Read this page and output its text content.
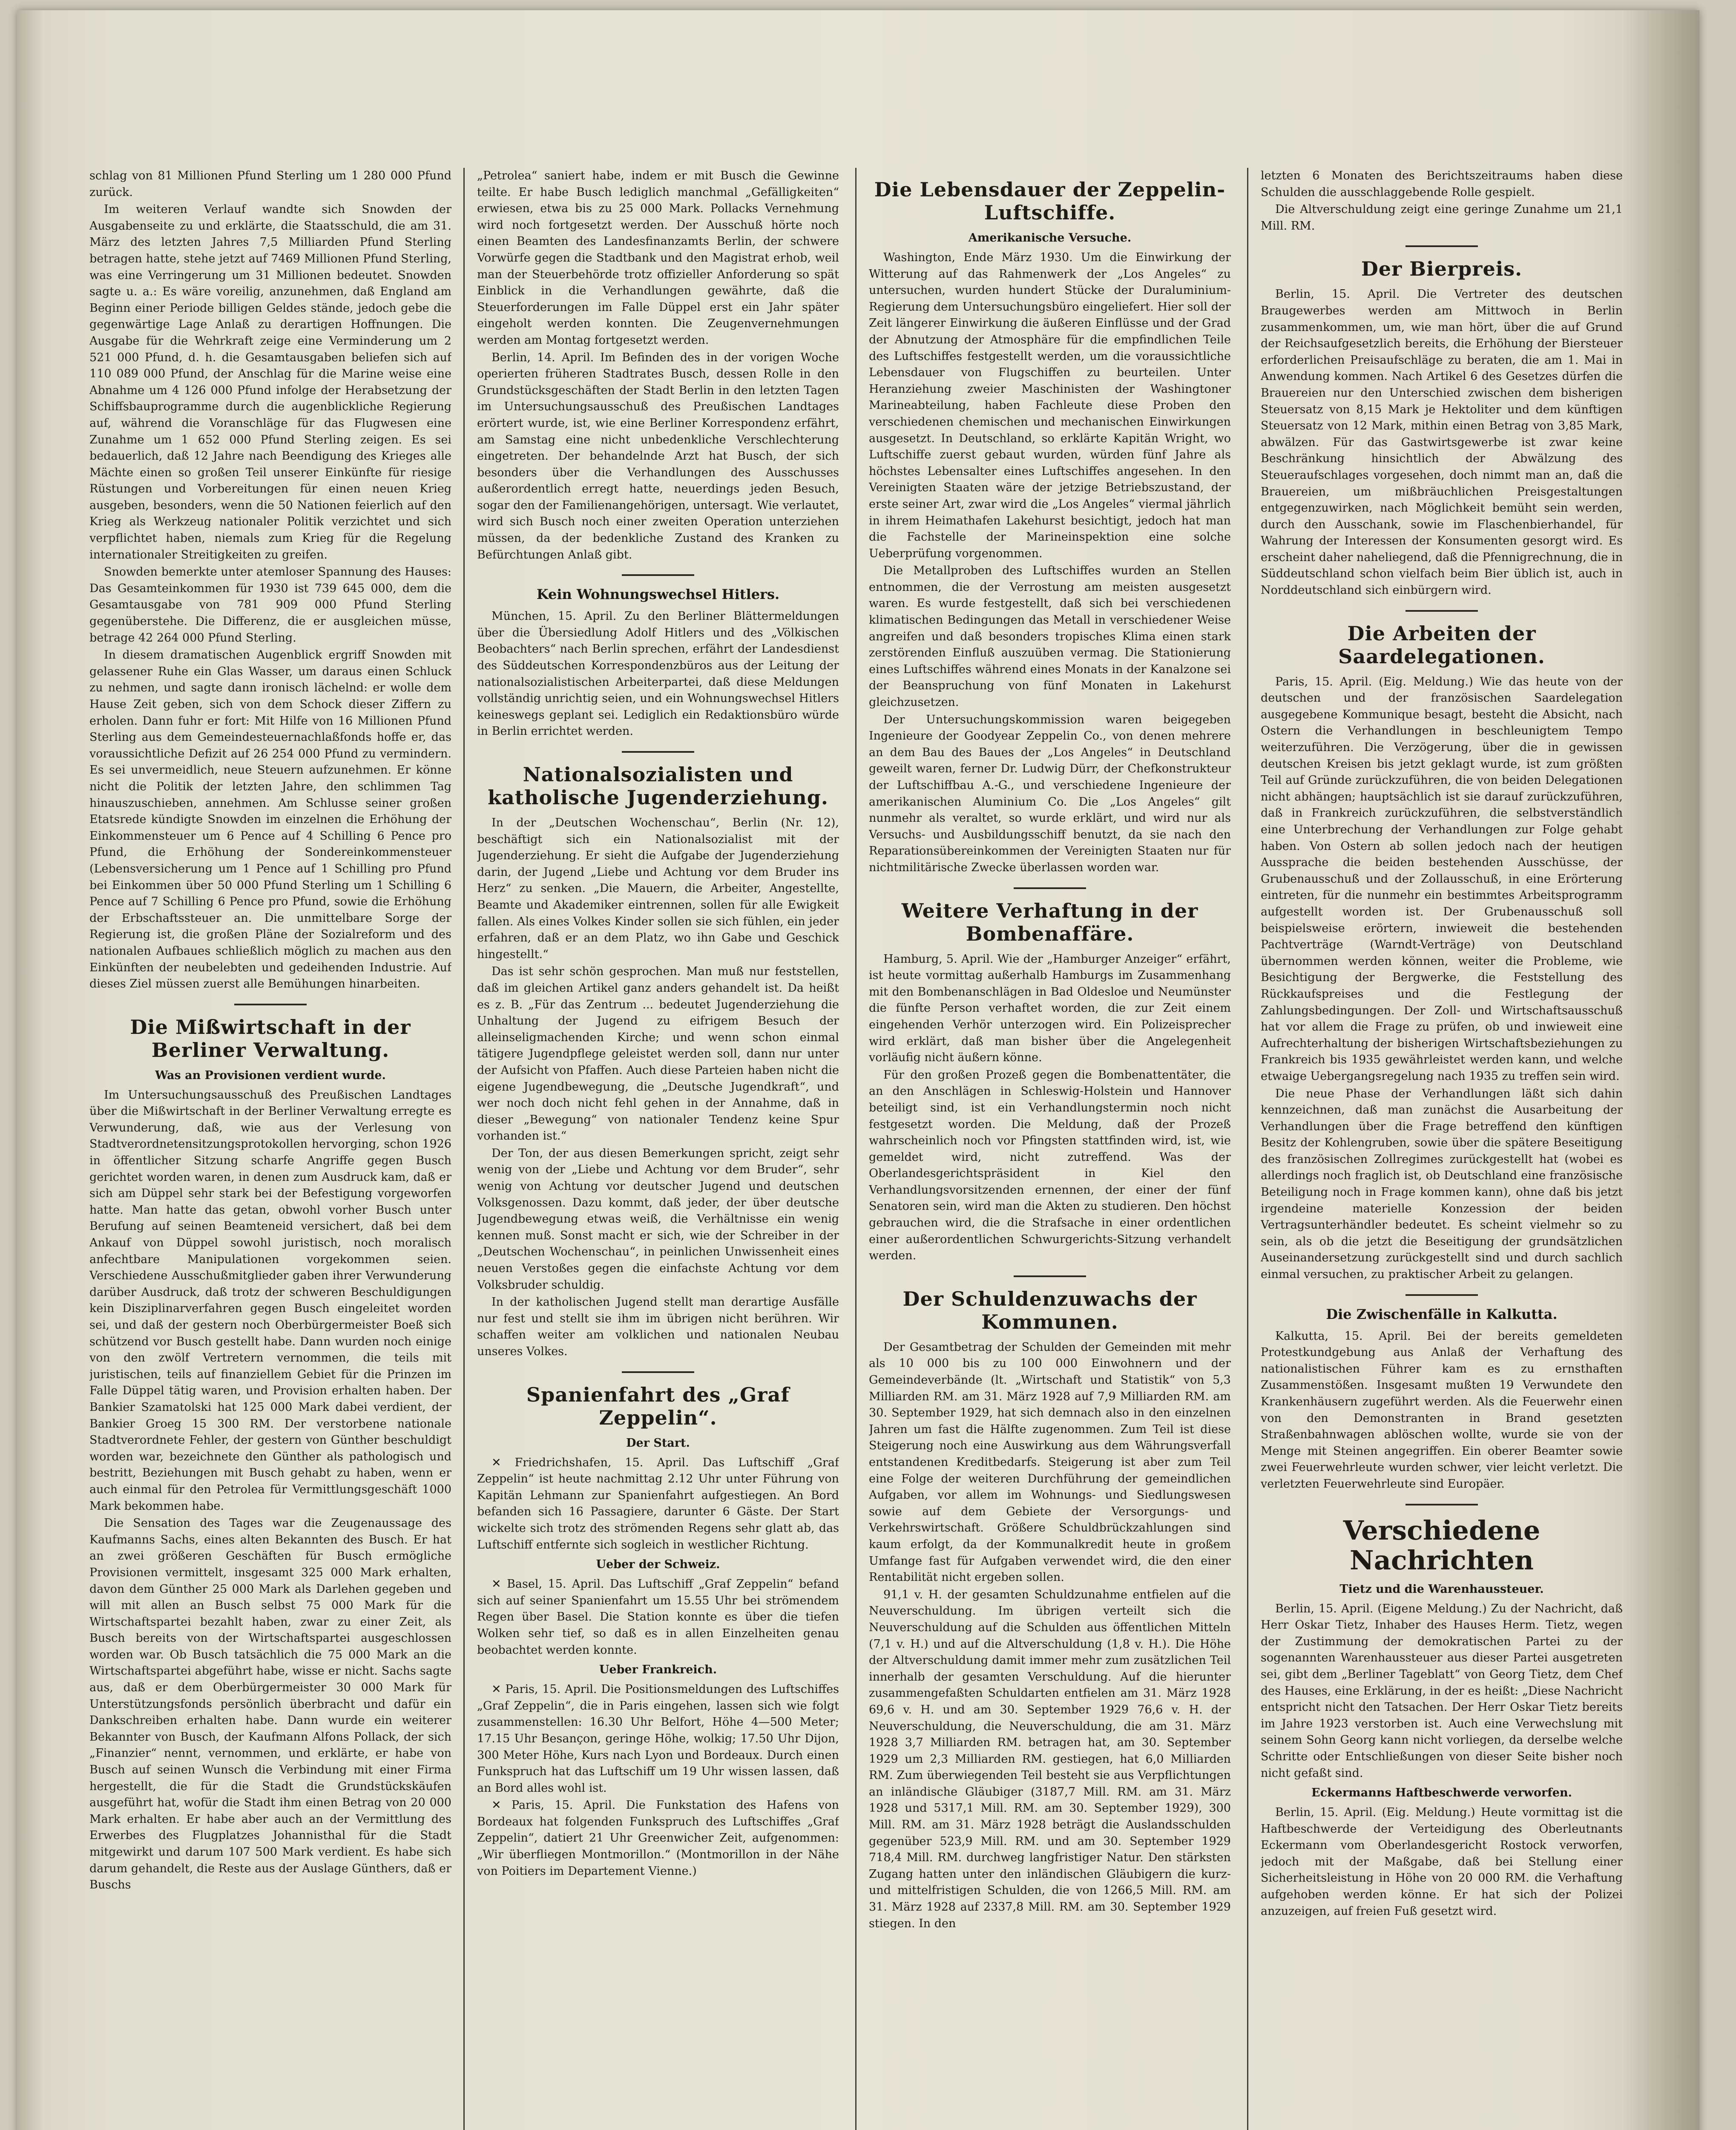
schlag von 81 Millionen Pfund Sterling um 1 280 000 Pfund zurück.

Im weiteren Verlauf wandte sich Snowden der Ausgabenseite zu und erklärte, die Staatsschuld, die am 31. März des letzten Jahres 7,5 Milliarden Pfund Sterling betragen hatte, stehe jetzt auf 7469 Millionen Pfund Sterling, was eine Verringerung um 31 Millionen bedeutet. Snowden sagte u. a.: Es wäre voreilig, anzunehmen, daß England am Beginn einer Periode billigen Geldes stände, jedoch gebe die gegenwärtige Lage Anlaß zu derartigen Hoffnungen. Die Ausgabe für die Wehrkraft zeige eine Verminderung um 2 521 000 Pfund, d. h. die Gesamtausgaben beliefen sich auf 110 089 000 Pfund, der Anschlag für die Marine weise eine Abnahme um 4 126 000 Pfund infolge der Herabsetzung der Schiffsbauprogramme durch die augenblickliche Regierung auf, während die Voranschläge für das Flugwesen eine Zunahme um 1 652 000 Pfund Sterling zeigen. Es sei bedauerlich, daß 12 Jahre nach Beendigung des Krieges alle Mächte einen so großen Teil unserer Einkünfte für riesige Rüstungen und Vorbereitungen für einen neuen Krieg ausgeben, besonders, wenn die 50 Nationen feierlich auf den Krieg als Werkzeug nationaler Politik verzichtet und sich verpflichtet haben, niemals zum Krieg für die Regelung internationaler Streitigkeiten zu greifen.

Snowden bemerkte unter atemloser Spannung des Hauses: Das Gesamteinkommen für 1930 ist 739 645 000, dem die Gesamtausgabe von 781 909 000 Pfund Sterling gegenüberstehe. Die Differenz, die er ausgleichen müsse, betrage 42 264 000 Pfund Sterling.

In diesem dramatischen Augenblick ergriff Snowden mit gelassener Ruhe ein Glas Wasser, um daraus einen Schluck zu nehmen, und sagte dann ironisch lächelnd: er wolle dem Hause Zeit geben, sich von dem Schock dieser Ziffern zu erholen. Dann fuhr er fort: Mit Hilfe von 16 Millionen Pfund Sterling aus dem Gemeindesteuernachlaßfonds hoffe er, das voraussichtliche Defizit auf 26 254 000 Pfund zu vermindern. Es sei unvermeidlich, neue Steuern aufzunehmen. Er könne nicht die Politik der letzten Jahre, den schlimmen Tag hinauszuschieben, annehmen. Am Schlusse seiner großen Etatsrede kündigte Snowden im einzelnen die Erhöhung der Einkommensteuer um 6 Pence auf 4 Schilling 6 Pence pro Pfund, die Erhöhung der Sondereinkommensteuer (Lebensversicherung um 1 Pence auf 1 Schilling pro Pfund bei Einkommen über 50 000 Pfund Sterling um 1 Schilling 6 Pence auf 7 Schilling 6 Pence pro Pfund, sowie die Erhöhung der Erbschaftssteuer an. Die unmittelbare Sorge der Regierung ist, die großen Pläne der Sozialreform und des nationalen Aufbaues schließlich möglich zu machen aus den Einkünften der neubelebten und gedeihenden Industrie. Auf dieses Ziel müssen zuerst alle Bemühungen hinarbeiten.

Die Mißwirtschaft in der Berliner Verwaltung.
Was an Provisionen verdient wurde.

Im Untersuchungsausschuß des Preußischen Landtages über die Mißwirtschaft in der Berliner Verwaltung erregte es Verwunderung, daß, wie aus der Verlesung von Stadtverordnetensitzungsprotokollen hervorging, schon 1926 in öffentlicher Sitzung scharfe Angriffe gegen Busch gerichtet worden waren, in denen zum Ausdruck kam, daß er sich am Düppel sehr stark bei der Befestigung vorgeworfen hatte. Man hatte das getan, obwohl vorher Busch unter Berufung auf seinen Beamteneid versichert, daß bei dem Ankauf von Düppel sowohl juristisch, noch moralisch anfechtbare Manipulationen vorgekommen seien. Verschiedene Ausschußmitglieder gaben ihrer Verwunderung darüber Ausdruck, daß trotz der schweren Beschuldigungen kein Disziplinarverfahren gegen Busch eingeleitet worden sei, und daß der gestern noch Oberbürgermeister Boeß sich schützend vor Busch gestellt habe. Dann wurden noch einige von den zwölf Vertretern vernommen, die teils mit juristischen, teils auf finanziellem Gebiet für die Prinzen im Falle Düppel tätig waren, und Provision erhalten haben. Der Bankier Szamatolski hat 125 000 Mark dabei verdient, der Bankier Groeg 15 300 RM. Der verstorbene nationale Stadtverordnete Fehler, der gestern von Günther beschuldigt worden war, bezeichnete den Günther als pathologisch und bestritt, Beziehungen mit Busch gehabt zu haben, wenn er auch einmal für den Petrolea für Vermittlungsgeschäft 1000 Mark bekommen habe.

Die Sensation des Tages war die Zeugenaussage des Kaufmanns Sachs, eines alten Bekannten des Busch. Er hat an zwei größeren Geschäften für Busch ermögliche Provisionen vermittelt, insgesamt 325 000 Mark erhalten, davon dem Günther 25 000 Mark als Darlehen gegeben und will mit allen an Busch selbst 75 000 Mark für die Wirtschaftspartei bezahlt haben, zwar zu einer Zeit, als Busch bereits von der Wirtschaftspartei ausgeschlossen worden war. Ob Busch tatsächlich die 75 000 Mark an die Wirtschaftspartei abgeführt habe, wisse er nicht. Sachs sagte aus, daß er dem Oberbürgermeister 30 000 Mark für Unterstützungsfonds persönlich überbracht und dafür ein Dankschreiben erhalten habe. Dann wurde ein weiterer Bekannter von Busch, der Kaufmann Alfons Pollack, der sich „Finanzier“ nennt, vernommen, und erklärte, er habe von Busch auf seinen Wunsch die Verbindung mit einer Firma hergestellt, die für die Stadt die Grundstückskäufen ausgeführt hat, wofür die Stadt ihm einen Betrag von 20 000 Mark erhalten. Er habe aber auch an der Vermittlung des Erwerbes des Flugplatzes Johannisthal für die Stadt mitgewirkt und darum 107 500 Mark verdient. Es habe sich darum gehandelt, die Reste aus der Auslage Günthers, daß er Buschs

„Petrolea“ saniert habe, indem er mit Busch die Gewinne teilte. Er habe Busch lediglich manchmal „Gefälligkeiten“ erwiesen, etwa bis zu 25 000 Mark. Pollacks Vernehmung wird noch fortgesetzt werden. Der Ausschuß hörte noch einen Beamten des Landesfinanzamts Berlin, der schwere Vorwürfe gegen die Stadtbank und den Magistrat erhob, weil man der Steuerbehörde trotz offizieller Anforderung so spät Einblick in die Verhandlungen gewährte, daß die Steuerforderungen im Falle Düppel erst ein Jahr später eingeholt werden konnten. Die Zeugenvernehmungen werden am Montag fortgesetzt werden.

Berlin, 14. April. Im Befinden des in der vorigen Woche operierten früheren Stadtrates Busch, dessen Rolle in den Grundstücksgeschäften der Stadt Berlin in den letzten Tagen im Untersuchungsausschuß des Preußischen Landtages erörtert wurde, ist, wie eine Berliner Korrespondenz erfährt, am Samstag eine nicht unbedenkliche Verschlechterung eingetreten. Der behandelnde Arzt hat Busch, der sich besonders über die Verhandlungen des Ausschusses außerordentlich erregt hatte, neuerdings jeden Besuch, sogar den der Familienangehörigen, untersagt. Wie verlautet, wird sich Busch noch einer zweiten Operation unterziehen müssen, da der bedenkliche Zustand des Kranken zu Befürchtungen Anlaß gibt.

Kein Wohnungswechsel Hitlers.

München, 15. April. Zu den Berliner Blättermeldungen über die Übersiedlung Adolf Hitlers und des „Völkischen Beobachters“ nach Berlin sprechen, erfährt der Landesdienst des Süddeutschen Korrespondenzbüros aus der Leitung der nationalsozialistischen Arbeiterpartei, daß diese Meldungen vollständig unrichtig seien, und ein Wohnungswechsel Hitlers keineswegs geplant sei. Lediglich ein Redaktionsbüro würde in Berlin errichtet werden.

Nationalsozialisten und katholische Jugenderziehung.

In der „Deutschen Wochenschau“, Berlin (Nr. 12), beschäftigt sich ein Nationalsozialist mit der Jugenderziehung. Er sieht die Aufgabe der Jugenderziehung darin, der Jugend „Liebe und Achtung vor dem Bruder ins Herz“ zu senken. „Die Mauern, die Arbeiter, Angestellte, Beamte und Akademiker eintrennen, sollen für alle Ewigkeit fallen. Als eines Volkes Kinder sollen sie sich fühlen, ein jeder erfahren, daß er an dem Platz, wo ihn Gabe und Geschick hingestellt.“

Das ist sehr schön gesprochen. Man muß nur feststellen, daß im gleichen Artikel ganz anders gehandelt ist. Da heißt es z. B. „Für das Zentrum ... bedeutet Jugenderziehung die Unhaltung der Jugend zu eifrigem Besuch der alleinseligmachenden Kirche; und wenn schon einmal tätigere Jugendpflege geleistet werden soll, dann nur unter der Aufsicht von Pfaffen. Auch diese Parteien haben nicht die eigene Jugendbewegung, die „Deutsche Jugendkraft“, und wer noch doch nicht fehl gehen in der Annahme, daß in dieser „Bewegung“ von nationaler Tendenz keine Spur vorhanden ist.“

Der Ton, der aus diesen Bemerkungen spricht, zeigt sehr wenig von der „Liebe und Achtung vor dem Bruder“, sehr wenig von Achtung vor deutscher Jugend und deutschen Volksgenossen. Dazu kommt, daß jeder, der über deutsche Jugendbewegung etwas weiß, die Verhältnisse ein wenig kennen muß. Sonst macht er sich, wie der Schreiber in der „Deutschen Wochenschau“, in peinlichen Unwissenheit eines neuen Verstoßes gegen die einfachste Achtung vor dem Volksbruder schuldig.

In der katholischen Jugend stellt man derartige Ausfälle nur fest und stellt sie ihm im übrigen nicht berühren. Wir schaffen weiter am volklichen und nationalen Neubau unseres Volkes.

Spanienfahrt des „Graf Zeppelin“.
Der Start.

✕ Friedrichshafen, 15. April. Das Luftschiff „Graf Zeppelin“ ist heute nachmittag 2.12 Uhr unter Führung von Kapitän Lehmann zur Spanienfahrt aufgestiegen. An Bord befanden sich 16 Passagiere, darunter 6 Gäste. Der Start wickelte sich trotz des strömenden Regens sehr glatt ab, das Luftschiff entfernte sich sogleich in westlicher Richtung.

Ueber der Schweiz.

✕ Basel, 15. April. Das Luftschiff „Graf Zeppelin“ befand sich auf seiner Spanienfahrt um 15.55 Uhr bei strömendem Regen über Basel. Die Station konnte es über die tiefen Wolken sehr tief, so daß es in allen Einzelheiten genau beobachtet werden konnte.

Ueber Frankreich.

✕ Paris, 15. April. Die Positionsmeldungen des Luftschiffes „Graf Zeppelin“, die in Paris eingehen, lassen sich wie folgt zusammenstellen: 16.30 Uhr Belfort, Höhe 4—500 Meter; 17.15 Uhr Besançon, geringe Höhe, wolkig; 17.50 Uhr Dijon, 300 Meter Höhe, Kurs nach Lyon und Bordeaux. Durch einen Funkspruch hat das Luftschiff um 19 Uhr wissen lassen, daß an Bord alles wohl ist.

✕ Paris, 15. April. Die Funkstation des Hafens von Bordeaux hat folgenden Funkspruch des Luftschiffes „Graf Zeppelin“, datiert 21 Uhr Greenwicher Zeit, aufgenommen: „Wir überfliegen Montmorillon.“ (Montmorillon in der Nähe von Poitiers im Departement Vienne.)

Die Lebensdauer der Zeppelin-Luftschiffe.
Amerikanische Versuche.

Washington, Ende März 1930. Um die Einwirkung der Witterung auf das Rahmenwerk der „Los Angeles“ zu untersuchen, wurden hundert Stücke der Duraluminium-Regierung dem Untersuchungsbüro eingeliefert. Hier soll der Zeit längerer Einwirkung die äußeren Einflüsse und der Grad der Abnutzung der Atmosphäre für die empfindlichen Teile des Luftschiffes festgestellt werden, um die voraussichtliche Lebensdauer von Flugschiffen zu beurteilen. Unter Heranziehung zweier Maschinisten der Washingtoner Marineabteilung, haben Fachleute diese Proben den verschiedenen chemischen und mechanischen Einwirkungen ausgesetzt. In Deutschland, so erklärte Kapitän Wright, wo Luftschiffe zuerst gebaut wurden, würden fünf Jahre als höchstes Lebensalter eines Luftschiffes angesehen. In den Vereinigten Staaten wäre der jetzige Betriebszustand, der erste seiner Art, zwar wird die „Los Angeles“ viermal jährlich in ihrem Heimathafen Lakehurst besichtigt, jedoch hat man die Fachstelle der Marineinspektion eine solche Ueberprüfung vorgenommen.

Die Metallproben des Luftschiffes wurden an Stellen entnommen, die der Verrostung am meisten ausgesetzt waren. Es wurde festgestellt, daß sich bei verschiedenen klimatischen Bedingungen das Metall in verschiedener Weise angreifen und daß besonders tropisches Klima einen stark zerstörenden Einfluß auszuüben vermag. Die Stationierung eines Luftschiffes während eines Monats in der Kanalzone sei der Beanspruchung von fünf Monaten in Lakehurst gleichzusetzen.

Der Untersuchungskommission waren beigegeben Ingenieure der Goodyear Zeppelin Co., von denen mehrere an dem Bau des Baues der „Los Angeles“ in Deutschland geweilt waren, ferner Dr. Ludwig Dürr, der Chefkonstrukteur der Luftschiffbau A.-G., und verschiedene Ingenieure der amerikanischen Aluminium Co. Die „Los Angeles“ gilt nunmehr als veraltet, so wurde erklärt, und wird nur als Versuchs- und Ausbildungsschiff benutzt, da sie nach den Reparationsübereinkommen der Vereinigten Staaten nur für nichtmilitärische Zwecke überlassen worden war.

Weitere Verhaftung in der Bombenaffäre.

Hamburg, 5. April. Wie der „Hamburger Anzeiger“ erfährt, ist heute vormittag außerhalb Hamburgs im Zusammenhang mit den Bombenanschlägen in Bad Oldesloe und Neumünster die fünfte Person verhaftet worden, die zur Zeit einem eingehenden Verhör unterzogen wird. Ein Polizeisprecher wird erklärt, daß man bisher über die Angelegenheit vorläufig nicht äußern könne.

Für den großen Prozeß gegen die Bombenattentäter, die an den Anschlägen in Schleswig-Holstein und Hannover beteiligt sind, ist ein Verhandlungstermin noch nicht festgesetzt worden. Die Meldung, daß der Prozeß wahrscheinlich noch vor Pfingsten stattfinden wird, ist, wie gemeldet wird, nicht zutreffend. Was der Oberlandesgerichtspräsident in Kiel den Verhandlungsvorsitzenden ernennen, der einer der fünf Senatoren sein, wird man die Akten zu studieren. Den höchst gebrauchen wird, die die Strafsache in einer ordentlichen einer außerordentlichen Schwurgerichts-Sitzung verhandelt werden.

Der Schuldenzuwachs der Kommunen.

Der Gesamtbetrag der Schulden der Gemeinden mit mehr als 10 000 bis zu 100 000 Einwohnern und der Gemeindeverbände (lt. „Wirtschaft und Statistik“ von 5,3 Milliarden RM. am 31. März 1928 auf 7,9 Milliarden RM. am 30. September 1929, hat sich demnach also in den einzelnen Jahren um fast die Hälfte zugenommen. Zum Teil ist diese Steigerung noch eine Auswirkung aus dem Währungsverfall entstandenen Kreditbedarfs. Steigerung ist aber zum Teil eine Folge der weiteren Durchführung der gemeindlichen Aufgaben, vor allem im Wohnungs- und Siedlungswesen sowie auf dem Gebiete der Versorgungs- und Verkehrswirtschaft. Größere Schuldbrückzahlungen sind kaum erfolgt, da der Kommunalkredit heute in großem Umfange fast für Aufgaben verwendet wird, die den einer Rentabilität nicht ergeben sollen.

91,1 v. H. der gesamten Schuldzunahme entfielen auf die Neuverschuldung. Im übrigen verteilt sich die Neuverschuldung auf die Schulden aus öffentlichen Mitteln (7,1 v. H.) und auf die Altverschuldung (1,8 v. H.). Die Höhe der Altverschuldung damit immer mehr zum zusätzlichen Teil innerhalb der gesamten Verschuldung. Auf die hierunter zusammengefaßten Schuldarten entfielen am 31. März 1928 69,6 v. H. und am 30. September 1929 76,6 v. H. der Neuverschuldung, die Neuverschuldung, die am 31. März 1928 3,7 Milliarden RM. betragen hat, am 30. September 1929 um 2,3 Milliarden RM. gestiegen, hat 6,0 Milliarden RM. Zum überwiegenden Teil besteht sie aus Verpflichtungen an inländische Gläubiger (3187,7 Mill. RM. am 31. März 1928 und 5317,1 Mill. RM. am 30. September 1929), 300 Mill. RM. am 31. März 1928 beträgt die Auslandsschulden gegenüber 523,9 Mill. RM. und am 30. September 1929 718,4 Mill. RM. durchweg langfristiger Natur. Den stärksten Zugang hatten unter den inländischen Gläubigern die kurz- und mittelfristigen Schulden, die von 1266,5 Mill. RM. am 31. März 1928 auf 2337,8 Mill. RM. am 30. September 1929 stiegen. In den

letzten 6 Monaten des Berichtszeitraums haben diese Schulden die ausschlaggebende Rolle gespielt.

Die Altverschuldung zeigt eine geringe Zunahme um 21,1 Mill. RM.

Der Bierpreis.

Berlin, 15. April. Die Vertreter des deutschen Braugewerbes werden am Mittwoch in Berlin zusammenkommen, um, wie man hört, über die auf Grund der Reichsaufgesetzlich bereits, die Erhöhung der Biersteuer erforderlichen Preisaufschläge zu beraten, die am 1. Mai in Anwendung kommen. Nach Artikel 6 des Gesetzes dürfen die Brauereien nur den Unterschied zwischen dem bisherigen Steuersatz von 8,15 Mark je Hektoliter und dem künftigen Steuersatz von 12 Mark, mithin einen Betrag von 3,85 Mark, abwälzen. Für das Gastwirtsgewerbe ist zwar keine Beschränkung hinsichtlich der Abwälzung des Steueraufschlages vorgesehen, doch nimmt man an, daß die Brauereien, um mißbräuchlichen Preisgestaltungen entgegenzuwirken, nach Möglichkeit bemüht sein werden, durch den Ausschank, sowie im Flaschenbierhandel, für Wahrung der Interessen der Konsumenten gesorgt wird. Es erscheint daher naheliegend, daß die Pfennigrechnung, die in Süddeutschland schon vielfach beim Bier üblich ist, auch in Norddeutschland sich einbürgern wird.

Die Arbeiten der Saardelegationen.

Paris, 15. April. (Eig. Meldung.) Wie das heute von der deutschen und der französischen Saardelegation ausgegebene Kommunique besagt, besteht die Absicht, nach Ostern die Verhandlungen in beschleunigtem Tempo weiterzuführen. Die Verzögerung, über die in gewissen deutschen Kreisen bis jetzt geklagt wurde, ist zum größten Teil auf Gründe zurückzuführen, die von beiden Delegationen nicht abhängen; hauptsächlich ist sie darauf zurückzuführen, daß in Frankreich zurückzuführen, die selbstverständlich eine Unterbrechung der Verhandlungen zur Folge gehabt haben. Von Ostern ab sollen jedoch nach der heutigen Aussprache die beiden bestehenden Ausschüsse, der Grubenausschuß und der Zollausschuß, in eine Erörterung eintreten, für die nunmehr ein bestimmtes Arbeitsprogramm aufgestellt worden ist. Der Grubenausschuß soll beispielsweise erörtern, inwieweit die bestehenden Pachtverträge (Warndt-Verträge) von Deutschland übernommen werden können, weiter die Probleme, wie Besichtigung der Bergwerke, die Feststellung des Rückkaufspreises und die Festlegung der Zahlungsbedingungen. Der Zoll- und Wirtschaftsausschuß hat vor allem die Frage zu prüfen, ob und inwieweit eine Aufrechterhaltung der bisherigen Wirtschaftsbeziehungen zu Frankreich bis 1935 gewährleistet werden kann, und welche etwaige Uebergangsregelung nach 1935 zu treffen sein wird.

Die neue Phase der Verhandlungen läßt sich dahin kennzeichnen, daß man zunächst die Ausarbeitung der Verhandlungen über die Frage betreffend den künftigen Besitz der Kohlengruben, sowie über die spätere Beseitigung des französischen Zollregimes zurückgestellt hat (wobei es allerdings noch fraglich ist, ob Deutschland eine französische Beteiligung noch in Frage kommen kann), ohne daß bis jetzt irgendeine materielle Konzession der beiden Vertragsunterhändler bedeutet. Es scheint vielmehr so zu sein, als ob die jetzt die Beseitigung der grundsätzlichen Auseinandersetzung zurückgestellt sind und durch sachlich einmal versuchen, zu praktischer Arbeit zu gelangen.

Die Zwischenfälle in Kalkutta.

Kalkutta, 15. April. Bei der bereits gemeldeten Protestkundgebung aus Anlaß der Verhaftung des nationalistischen Führer kam es zu ernsthaften Zusammenstößen. Insgesamt mußten 19 Verwundete den Krankenhäusern zugeführt werden. Als die Feuerwehr einen von den Demonstranten in Brand gesetzten Straßenbahnwagen ablöschen wollte, wurde sie von der Menge mit Steinen angegriffen. Ein oberer Beamter sowie zwei Feuerwehrleute wurden schwer, vier leicht verletzt. Die verletzten Feuerwehrleute sind Europäer.

Verschiedene Nachrichten
Tietz und die Warenhaussteuer.

Berlin, 15. April. (Eigene Meldung.) Zu der Nachricht, daß Herr Oskar Tietz, Inhaber des Hauses Herm. Tietz, wegen der Zustimmung der demokratischen Partei zu der sogenannten Warenhaussteuer aus dieser Partei ausgetreten sei, gibt dem „Berliner Tageblatt“ von Georg Tietz, dem Chef des Hauses, eine Erklärung, in der es heißt: „Diese Nachricht entspricht nicht den Tatsachen. Der Herr Oskar Tietz bereits im Jahre 1923 verstorben ist. Auch eine Verwechslung mit seinem Sohn Georg kann nicht vorliegen, da derselbe welche Schritte oder Entschließungen von dieser Seite bisher noch nicht gefaßt sind.

Eckermanns Haftbeschwerde verworfen.

Berlin, 15. April. (Eig. Meldung.) Heute vormittag ist die Haftbeschwerde der Verteidigung des Oberleutnants Eckermann vom Oberlandesgericht Rostock verworfen, jedoch mit der Maßgabe, daß bei Stellung einer Sicherheitsleistung in Höhe von 20 000 RM. die Verhaftung aufgehoben werden könne. Er hat sich der Polizei anzuzeigen, auf freien Fuß gesetzt wird.
